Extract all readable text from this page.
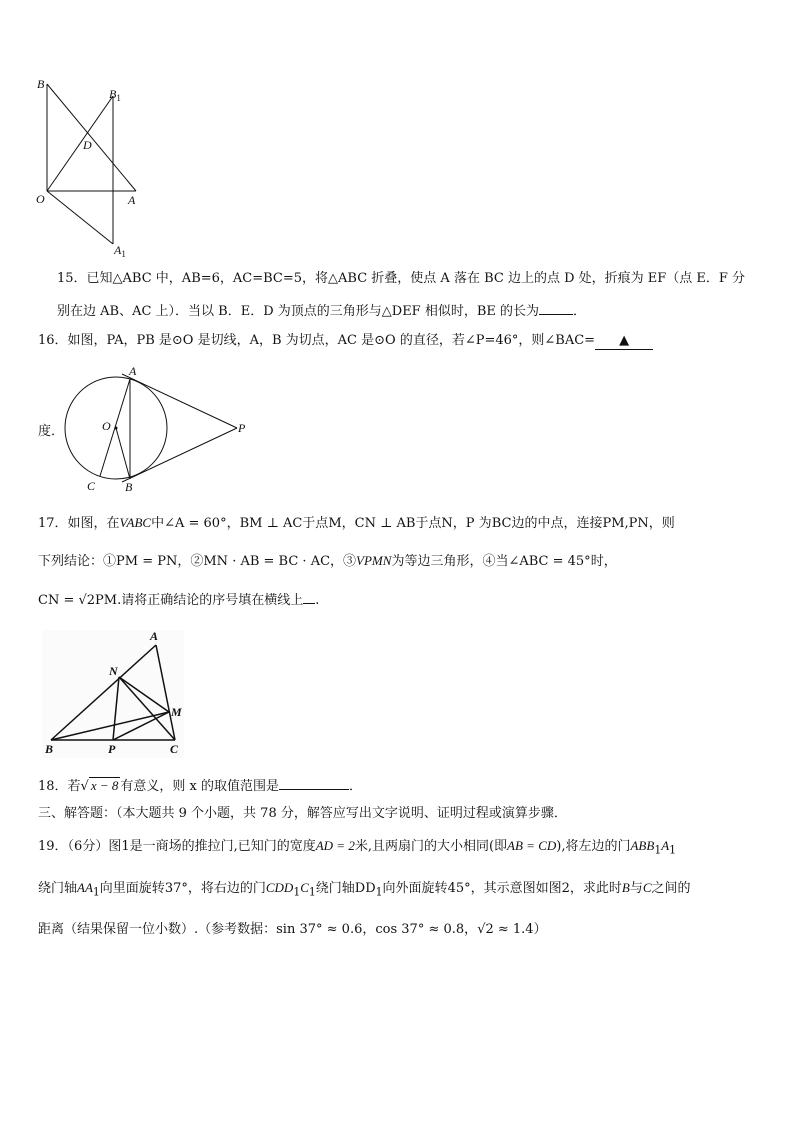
B
$B_1$
D
O	A
$A_1$
15．已知△ABC 中，AB=6，AC=BC=5，将△ABC 折叠，使点 A 落在 BC 边上的点 D 处，折痕为 EF（点 E．F 分
别在边 AB、AC 上）．当以 B．E．D 为顶点的三角形与△DEF 相似时，BE 的长为	．
16．如图，PA，PB 是⊙O 是切线，A，B 为切点，AC 是⊙O 的直径，若∠P=46°，则∠BAC= ▲
度．
A
O	P
C B
17．如图，在VABC中∠A = 60°，BM ⊥ AC于点M，CN ⊥ AB于点N，P 为BC边的中点，连接PM,PN，则
下列结论：①PM = PN，②MN · AB = BC · AC，③VPMN为等边三角形，④当∠ABC = 45°时，
CN = √2PM.请将正确结论的序号填在横线上 .
A
N
M
B	P	C
18．若√ x − 8 有意义，则 x 的取值范围是	．
三、解答题：（本大题共 9 个小题，共 78 分，解答应写出文字说明、证明过程或演算步骤．
19．（6分）图1是一商场的推拉门,已知门的宽度AD = 2米,且两扇门的大小相同(即AB = CD),将左边的门$ABB_1A_1$
绕门轴$AA_1$向里面旋转37°，将右边的门$CDD_1C_1$绕门轴$DD_1$向外面旋转45°，其示意图如图2，求此时B与C之间的
距离（结果保留一位小数）.（参考数据：sin 37° ≈ 0.6，cos 37° ≈ 0.8，√2 ≈ 1.4）
